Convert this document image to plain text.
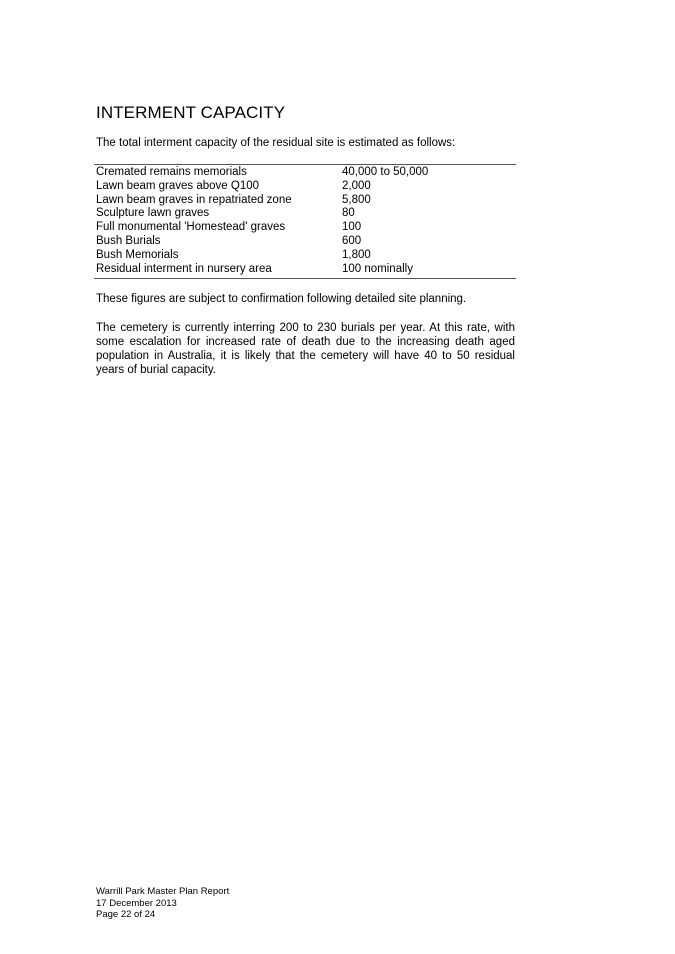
INTERMENT CAPACITY

The total interment capacity of the residual site is estimated as follows:

Cremated remains memorials	40,000 to 50,000
Lawn beam graves above Q100	2,000
Lawn beam graves in repatriated zone	5,800
Sculpture lawn graves	80
Full monumental 'Homestead' graves	100
Bush Burials	600
Bush Memorials	1,800
Residual interment in nursery area	100 nominally

These figures are subject to confirmation following detailed site planning.

The cemetery is currently interring 200 to 230 burials per year. At this rate, with some escalation for increased rate of death due to the increasing death aged population in Australia, it is likely that the cemetery will have 40 to 50 residual years of burial capacity.

Warrill Park Master Plan Report
17 December 2013
Page 22 of 24
